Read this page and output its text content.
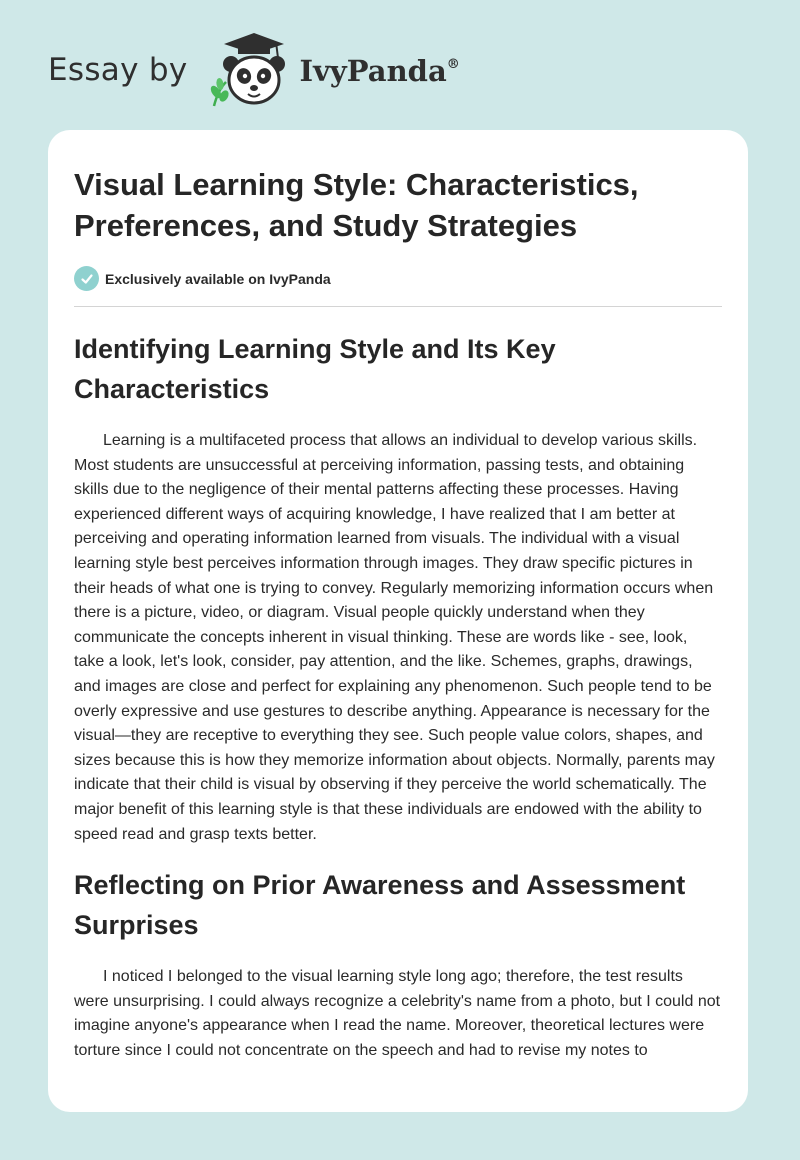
Essay by	IvyPanda®
Visual Learning Style: Characteristics, Preferences, and Study Strategies
Exclusively available on IvyPanda
Identifying Learning Style and Its Key Characteristics

Learning is a multifaceted process that allows an individual to develop various skills. Most students are unsuccessful at perceiving information, passing tests, and obtaining skills due to the negligence of their mental patterns affecting these processes. Having experienced different ways of acquiring knowledge, I have realized that I am better at perceiving and operating information learned from visuals. The individual with a visual learning style best perceives information through images. They draw specific pictures in their heads of what one is trying to convey. Regularly memorizing information occurs when there is a picture, video, or diagram. Visual people quickly understand when they communicate the concepts inherent in visual thinking. These are words like - see, look, take a look, let's look, consider, pay attention, and the like. Schemes, graphs, drawings, and images are close and perfect for explaining any phenomenon. Such people tend to be overly expressive and use gestures to describe anything. Appearance is necessary for the visual—they are receptive to everything they see. Such people value colors, shapes, and sizes because this is how they memorize information about objects. Normally, parents may indicate that their child is visual by observing if they perceive the world schematically. The major benefit of this learning style is that these individuals are endowed with the ability to speed read and grasp texts better.

Reflecting on Prior Awareness and Assessment Surprises

I noticed I belonged to the visual learning style long ago; therefore, the test results were unsurprising. I could always recognize a celebrity's name from a photo, but I could not imagine anyone's appearance when I read the name. Moreover, theoretical lectures were torture since I could not concentrate on the speech and had to revise my notes to
